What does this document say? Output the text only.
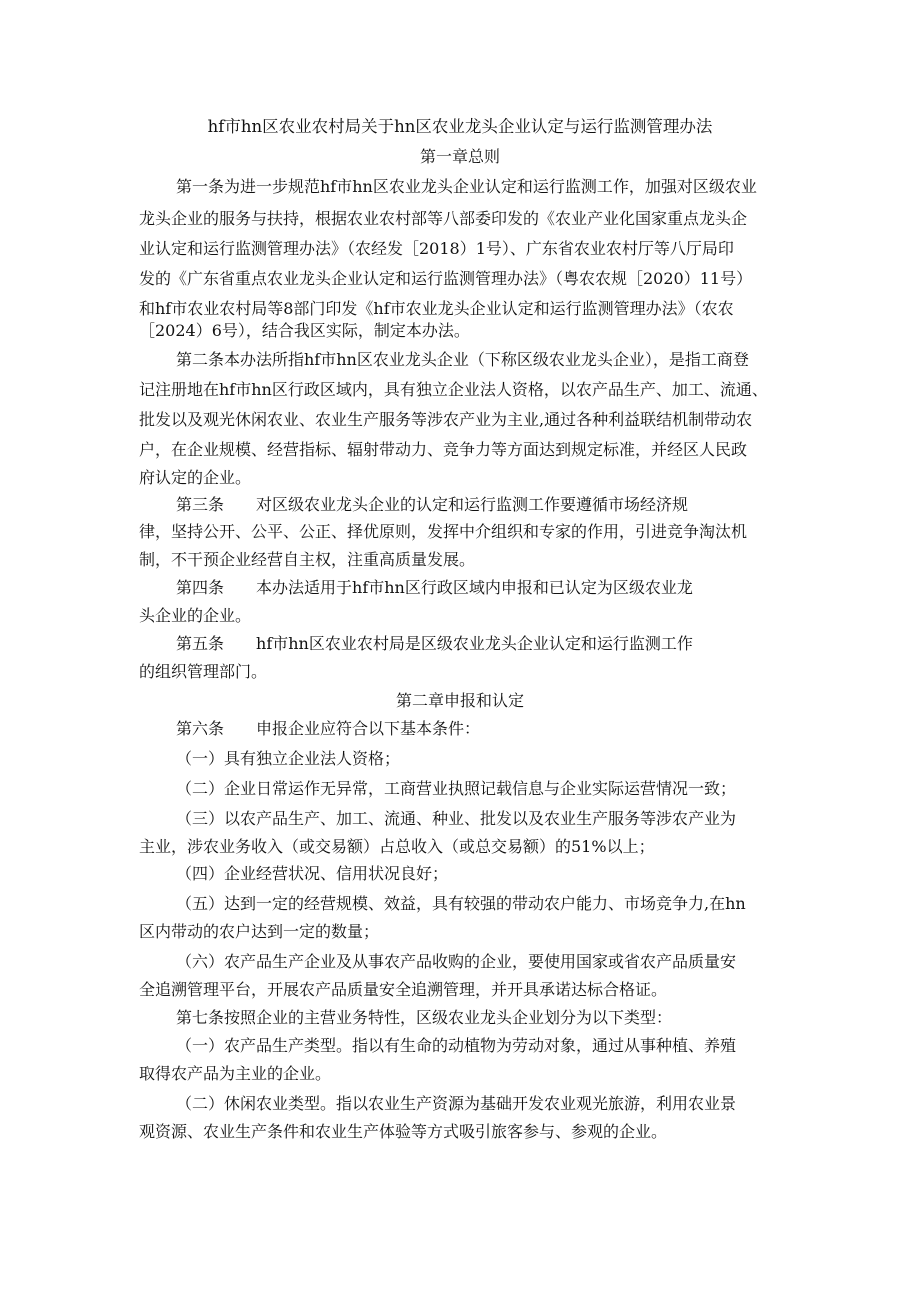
hf市hn区农业农村局关于hn区农业龙头企业认定与运行监测管理办法

第一章总则

第一条为进一步规范hf市hn区农业龙头企业认定和运行监测工作，加强对区级农业

龙头企业的服务与扶持，根据农业农村部等八部委印发的《农业产业化国家重点龙头企

业认定和运行监测管理办法》（农经发［2018）1号）、广东省农业农村厅等八厅局印

发的《广东省重点农业龙头企业认定和运行监测管理办法》（粤农农规［2020）11号）

和hf市农业农村局等8部门印发《hf市农业龙头企业认定和运行监测管理办法》（农农

［2024）6号），结合我区实际，制定本办法。

第二条本办法所指hf市hn区农业龙头企业（下称区级农业龙头企业），是指工商登

记注册地在hf市hn区行政区域内，具有独立企业法人资格，以农产品生产、加工、流通、

批发以及观光休闲农业、农业生产服务等涉农产业为主业,通过各种利益联结机制带动农

户，在企业规模、经营指标、辐射带动力、竞争力等方面达到规定标准，并经区人民政

府认定的企业。

第三条 对区级农业龙头企业的认定和运行监测工作要遵循市场经济规

律，坚持公开、公平、公正、择优原则，发挥中介组织和专家的作用，引进竞争淘汰机

制，不干预企业经营自主权，注重高质量发展。

第四条 本办法适用于hf市hn区行政区域内申报和已认定为区级农业龙

头企业的企业。

第五条 hf市hn区农业农村局是区级农业龙头企业认定和运行监测工作

的组织管理部门。

第二章申报和认定

第六条 申报企业应符合以下基本条件：

（一）具有独立企业法人资格；

（二）企业日常运作无异常，工商营业执照记载信息与企业实际运营情况一致；

（三）以农产品生产、加工、流通、种业、批发以及农业生产服务等涉农产业为

主业，涉农业务收入（或交易额）占总收入（或总交易额）的51%以上；

（四）企业经营状况、信用状况良好；

（五）达到一定的经营规模、效益，具有较强的带动农户能力、市场竞争力,在hn

区内带动的农户达到一定的数量；

（六）农产品生产企业及从事农产品收购的企业，要使用国家或省农产品质量安

全追溯管理平台，开展农产品质量安全追溯管理，并开具承诺达标合格证。

第七条按照企业的主营业务特性，区级农业龙头企业划分为以下类型：

（一）农产品生产类型。指以有生命的动植物为劳动对象，通过从事种植、养殖

取得农产品为主业的企业。

（二）休闲农业类型。指以农业生产资源为基础开发农业观光旅游，利用农业景

观资源、农业生产条件和农业生产体验等方式吸引旅客参与、参观的企业。
